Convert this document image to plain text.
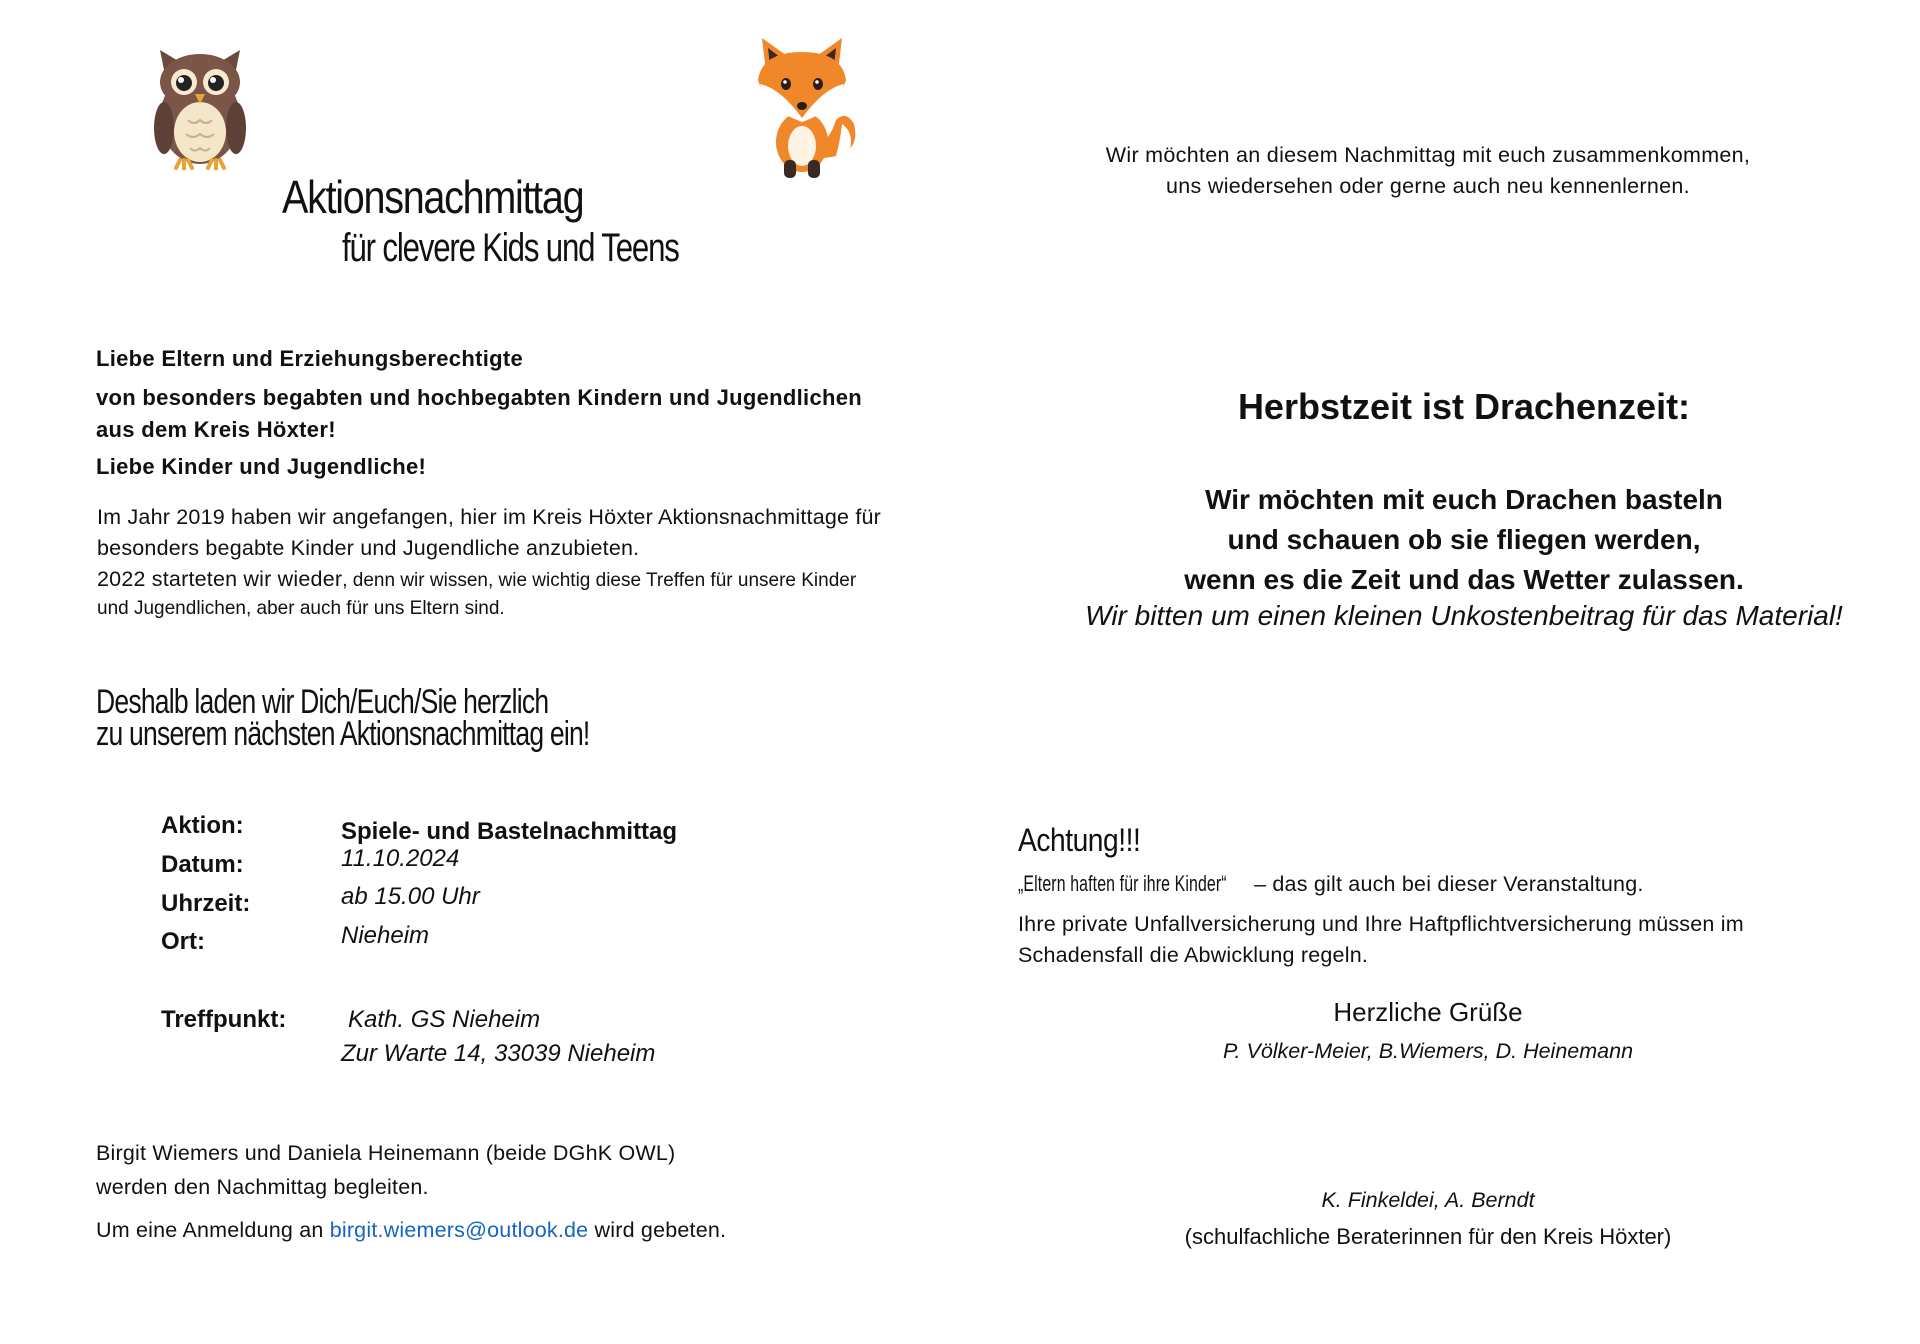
Aktionsnachmittag
für clevere Kids und Teens
Liebe Eltern und Erziehungsberechtigte
von besonders begabten und hochbegabten Kindern und Jugendlichen
aus dem Kreis Höxter!
Liebe Kinder und Jugendliche!
Im Jahr 2019 haben wir angefangen, hier im Kreis Höxter Aktionsnachmittage für
besonders begabte Kinder und Jugendliche anzubieten.
2022 starteten wir wieder, denn wir wissen, wie wichtig diese Treffen für unsere Kinder
und Jugendlichen, aber auch für uns Eltern sind.
Deshalb laden wir Dich/Euch/Sie herzlich
zu unserem nächsten Aktionsnachmittag ein!
Aktion:	Spiele- und Bastelnachmittag
Datum:	11.10.2024
Uhrzeit:	ab 15.00 Uhr
Ort:	Nieheim
Treffpunkt:	Kath. GS Nieheim
Zur Warte 14, 33039 Nieheim
Birgit Wiemers und Daniela Heinemann (beide DGhK OWL)
werden den Nachmittag begleiten.
Um eine Anmeldung an birgit.wiemers@outlook.de wird gebeten.
Wir möchten an diesem Nachmittag mit euch zusammenkommen,
uns wiedersehen oder gerne auch neu kennenlernen.
Herbstzeit ist Drachenzeit:
Wir möchten mit euch Drachen basteln
und schauen ob sie fliegen werden,
wenn es die Zeit und das Wetter zulassen.
Wir bitten um einen kleinen Unkostenbeitrag für das Material!
Achtung!!!
„Eltern haften für ihre Kinder“ – das gilt auch bei dieser Veranstaltung.
Ihre private Unfallversicherung und Ihre Haftpflichtversicherung müssen im
Schadensfall die Abwicklung regeln.
Herzliche Grüße
P. Völker-Meier, B.Wiemers, D. Heinemann
K. Finkeldei, A. Berndt
(schulfachliche Beraterinnen für den Kreis Höxter)
